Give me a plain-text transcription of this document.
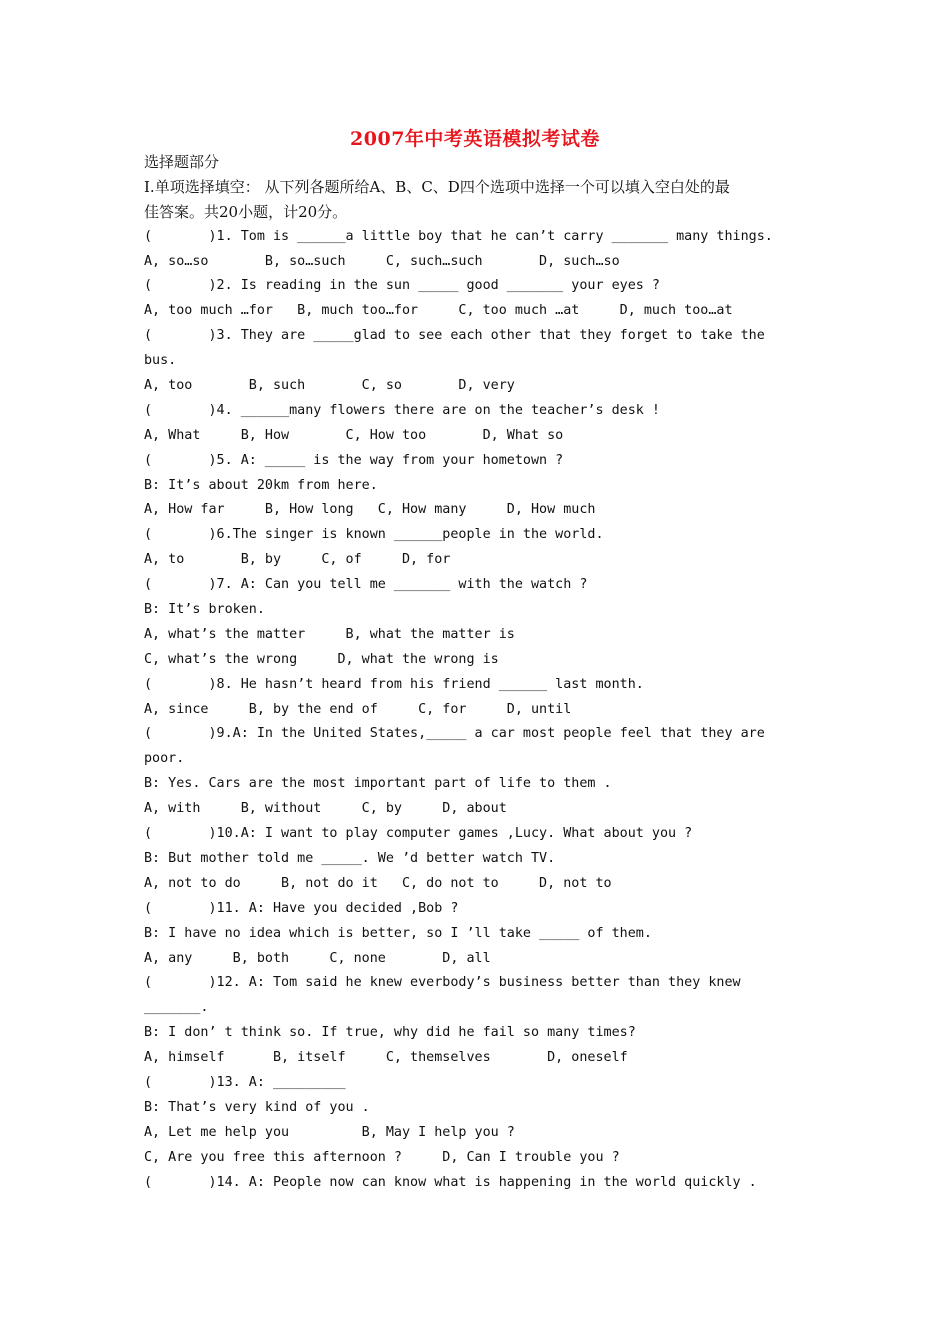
2007年中考英语模拟考试卷
选择题部分
I.单项选择填空： 从下列各题所给A、B、C、D四个选项中选择一个可以填入空白处的最
佳答案。共20小题，计20分。
(       )1. Tom is ______a little boy that he can’t carry _______ many things.
A, so…so       B, so…such     C, such…such       D, such…so
(       )2. Is reading in the sun _____ good _______ your eyes ?
A, too much …for   B, much too…for     C, too much …at     D, much too…at
(       )3. They are _____glad to see each other that they forget to take the
bus.
A, too       B, such       C, so       D, very
(       )4. ______many flowers there are on the teacher’s desk !
A, What     B, How       C, How too       D, What so
(       )5. A: _____ is the way from your hometown ?
B: It’s about 20km from here.
A, How far     B, How long   C, How many     D, How much
(       )6.The singer is known ______people in the world.
A, to       B, by     C, of     D, for
(       )7. A: Can you tell me _______ with the watch ?
B: It’s broken.
A, what’s the matter     B, what the matter is
C, what’s the wrong     D, what the wrong is
(       )8. He hasn’t heard from his friend ______ last month.
A, since     B, by the end of     C, for     D, until
(       )9.A: In the United States,_____ a car most people feel that they are
poor.
B: Yes. Cars are the most important part of life to them .
A, with     B, without     C, by     D, about
(       )10.A: I want to play computer games ,Lucy. What about you ?
B: But mother told me _____. We ’d better watch TV.
A, not to do     B, not do it   C, do not to     D, not to
(       )11. A: Have you decided ,Bob ?
B: I have no idea which is better, so I ’ll take _____ of them.
A, any     B, both     C, none       D, all
(       )12. A: Tom said he knew everbody’s business better than they knew
_______.
B: I don’ t think so. If true, why did he fail so many times?
A, himself      B, itself     C, themselves       D, oneself
(       )13. A: _________
B: That’s very kind of you .
A, Let me help you         B, May I help you ?
C, Are you free this afternoon ?     D, Can I trouble you ?
(       )14. A: People now can know what is happening in the world quickly .
